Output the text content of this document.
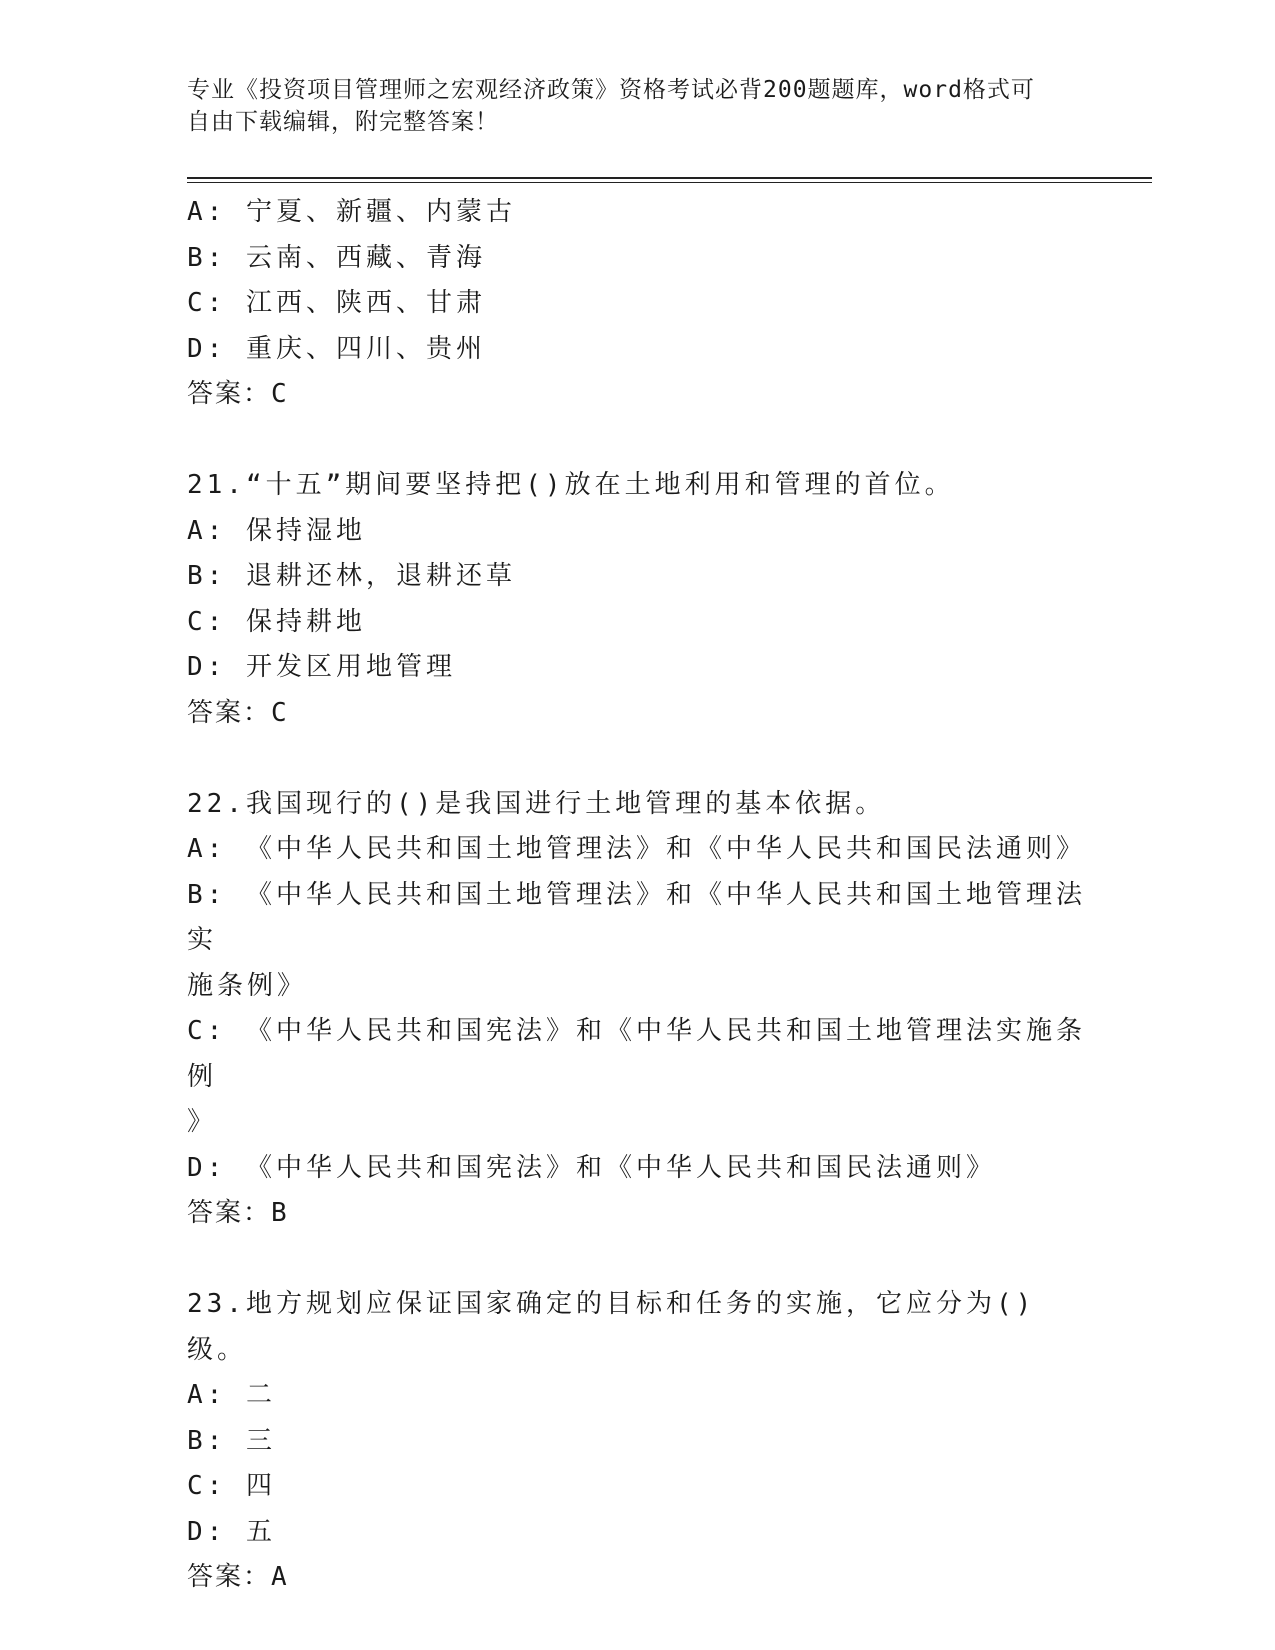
专业《投资项目管理师之宏观经济政策》资格考试必背200题题库，word格式可
自由下载编辑，附完整答案！
A: 宁夏、新疆、内蒙古
B: 云南、西藏、青海
C: 江西、陕西、甘肃
D: 重庆、四川、贵州
答案：C
21.“十五”期间要坚持把()放在土地利用和管理的首位。
A: 保持湿地
B: 退耕还林，退耕还草
C: 保持耕地
D: 开发区用地管理
答案：C
22.我国现行的()是我国进行土地管理的基本依据。
A: 《中华人民共和国土地管理法》和《中华人民共和国民法通则》
B: 《中华人民共和国土地管理法》和《中华人民共和国土地管理法实
施条例》
C: 《中华人民共和国宪法》和《中华人民共和国土地管理法实施条例
》
D: 《中华人民共和国宪法》和《中华人民共和国民法通则》
答案：B
23.地方规划应保证国家确定的目标和任务的实施，它应分为()级。
A: 二
B: 三
C: 四
D: 五
答案：A
